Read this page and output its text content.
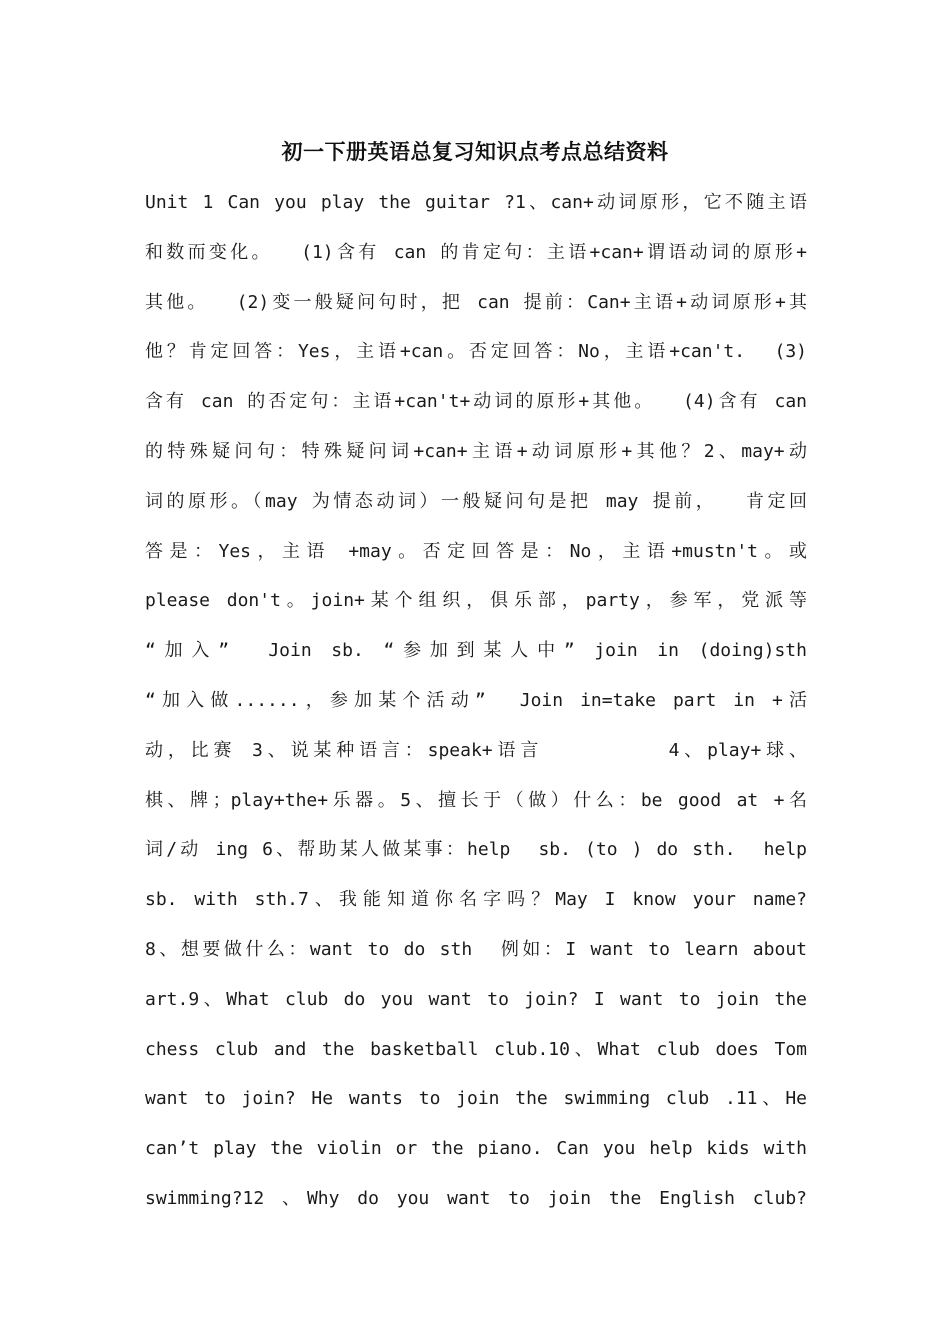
初一下册英语总复习知识点考点总结资料
Unit 1 Can you play the guitar ?1、can+动词原形，它不随主语
和数而变化。  (1)含有 can 的肯定句：主语+can+谓语动词的原形+
其他。  (2)变一般疑问句时，把 can 提前：Can+主语+动词原形+其
他？肯定回答：Yes，主语+can。否定回答：No，主语+can't.  (3)
含有 can 的否定句：主语+can't+动词的原形+其他。  (4)含有 can
的特殊疑问句：特殊疑问词+can+主语+动词原形+其他？2、may+动
词的原形。（may 为情态动词）一般疑问句是把 may 提前，  肯定回
答是：Yes，主语 +may。否定回答是：No，主语+mustn't。或
please don't。join+某个组织，俱乐部，party，参军，党派等
“加入”  Join sb. “参加到某人中” join in (doing)sth
“加入做......，参加某个活动”  Join in=take part in +活
动，比赛 3、说某种语言：speak+语言        4、play+球、
棋、牌；play+the+乐器。5、擅长于（做）什么：be good at +名
词/动 ing 6、帮助某人做某事：help  sb. (to ) do sth.  help
sb. with sth.7、我能知道你名字吗？May I know your name?
8、想要做什么：want to do sth  例如：I want to learn about
art.9、What club do you want to join? I want to join the
chess club and the basketball club.10、What club does Tom
want to join? He wants to join the swimming club .11、He
can’t play the violin or the piano. Can you help kids with
swimming?12 、Why do you want to join the English club?
